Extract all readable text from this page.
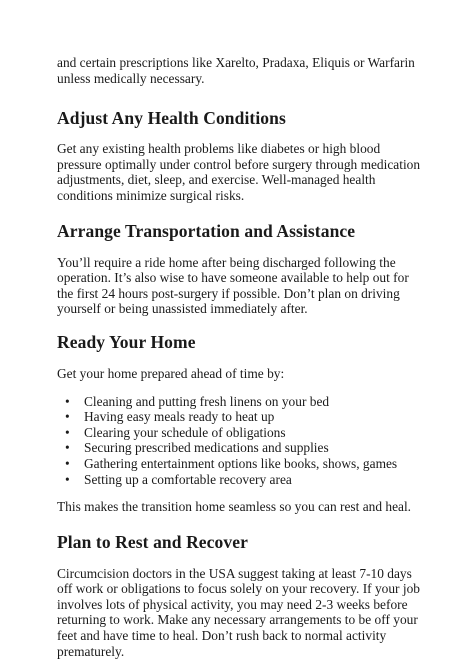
and certain prescriptions like Xarelto, Pradaxa, Eliquis or Warfarin unless medically necessary.

Adjust Any Health Conditions

Get any existing health problems like diabetes or high blood pressure optimally under control before surgery through medication adjustments, diet, sleep, and exercise. Well-managed health conditions minimize surgical risks.

Arrange Transportation and Assistance

You’ll require a ride home after being discharged following the operation. It’s also wise to have someone available to help out for the first 24 hours post-surgery if possible. Don’t plan on driving yourself or being unassisted immediately after.

Ready Your Home

Get your home prepared ahead of time by:

• Cleaning and putting fresh linens on your bed
• Having easy meals ready to heat up
• Clearing your schedule of obligations
• Securing prescribed medications and supplies
• Gathering entertainment options like books, shows, games
• Setting up a comfortable recovery area

This makes the transition home seamless so you can rest and heal.

Plan to Rest and Recover

Circumcision doctors in the USA suggest taking at least 7-10 days off work or obligations to focus solely on your recovery. If your job involves lots of physical activity, you may need 2-3 weeks before returning to work. Make any necessary arrangements to be off your feet and have time to heal. Don’t rush back to normal activity prematurely.
